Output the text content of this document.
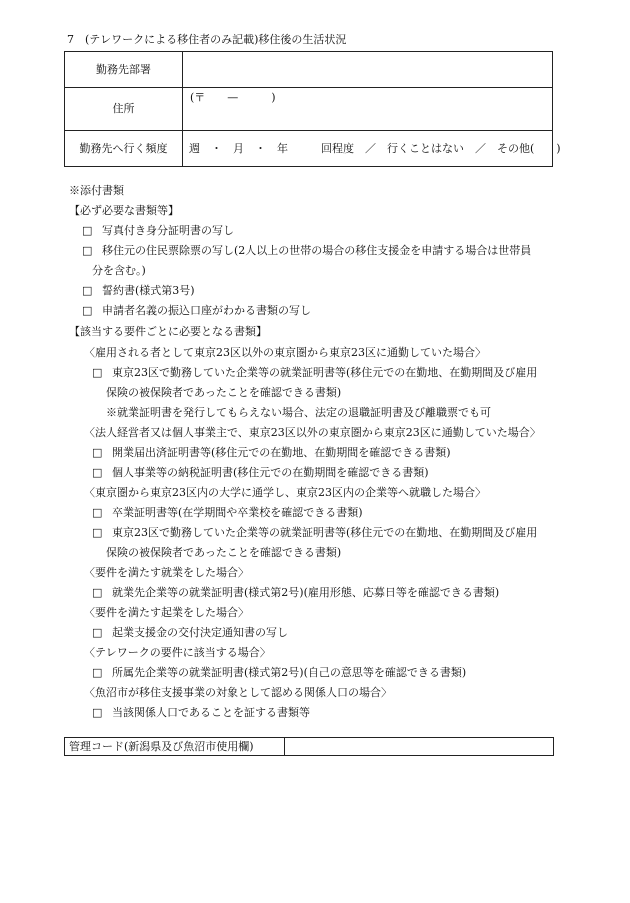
7　(テレワークによる移住者のみ記載)移住後の生活状況
勤務先部署	
住所	(〒　　—　　　)

勤務先へ行く頻度	週　・　月　・　年　　　回程度　／　行くことはない　／　その他(　　)
※添付書類
【必ず必要な書類等】
□ 写真付き身分証明書の写し
□ 移住元の住民票除票の写し(2人以上の世帯の場合の移住支援金を申請する場合は世帯員
分を含む。)
□ 誓約書(様式第3号)
□ 申請者名義の振込口座がわかる書類の写し
【該当する要件ごとに必要となる書類】
〈雇用される者として東京23区以外の東京圏から東京23区に通勤していた場合〉
□ 東京23区で勤務していた企業等の就業証明書等(移住元での在勤地、在勤期間及び雇用
保険の被保険者であったことを確認できる書類)
※就業証明書を発行してもらえない場合、法定の退職証明書及び離職票でも可
〈法人経営者又は個人事業主で、東京23区以外の東京圏から東京23区に通勤していた場合〉
□ 開業届出済証明書等(移住元での在勤地、在勤期間を確認できる書類)
□ 個人事業等の納税証明書(移住元での在勤期間を確認できる書類)
〈東京圏から東京23区内の大学に通学し、東京23区内の企業等へ就職した場合〉
□ 卒業証明書等(在学期間や卒業校を確認できる書類)
□ 東京23区で勤務していた企業等の就業証明書等(移住元での在勤地、在勤期間及び雇用
保険の被保険者であったことを確認できる書類)
〈要件を満たす就業をした場合〉
□ 就業先企業等の就業証明書(様式第2号)(雇用形態、応募日等を確認できる書類)
〈要件を満たす起業をした場合〉
□ 起業支援金の交付決定通知書の写し
〈テレワークの要件に該当する場合〉
□ 所属先企業等の就業証明書(様式第2号)(自己の意思等を確認できる書類)
〈魚沼市が移住支援事業の対象として認める関係人口の場合〉
□ 当該関係人口であることを証する書類等
管理コード(新潟県及び魚沼市使用欄)
